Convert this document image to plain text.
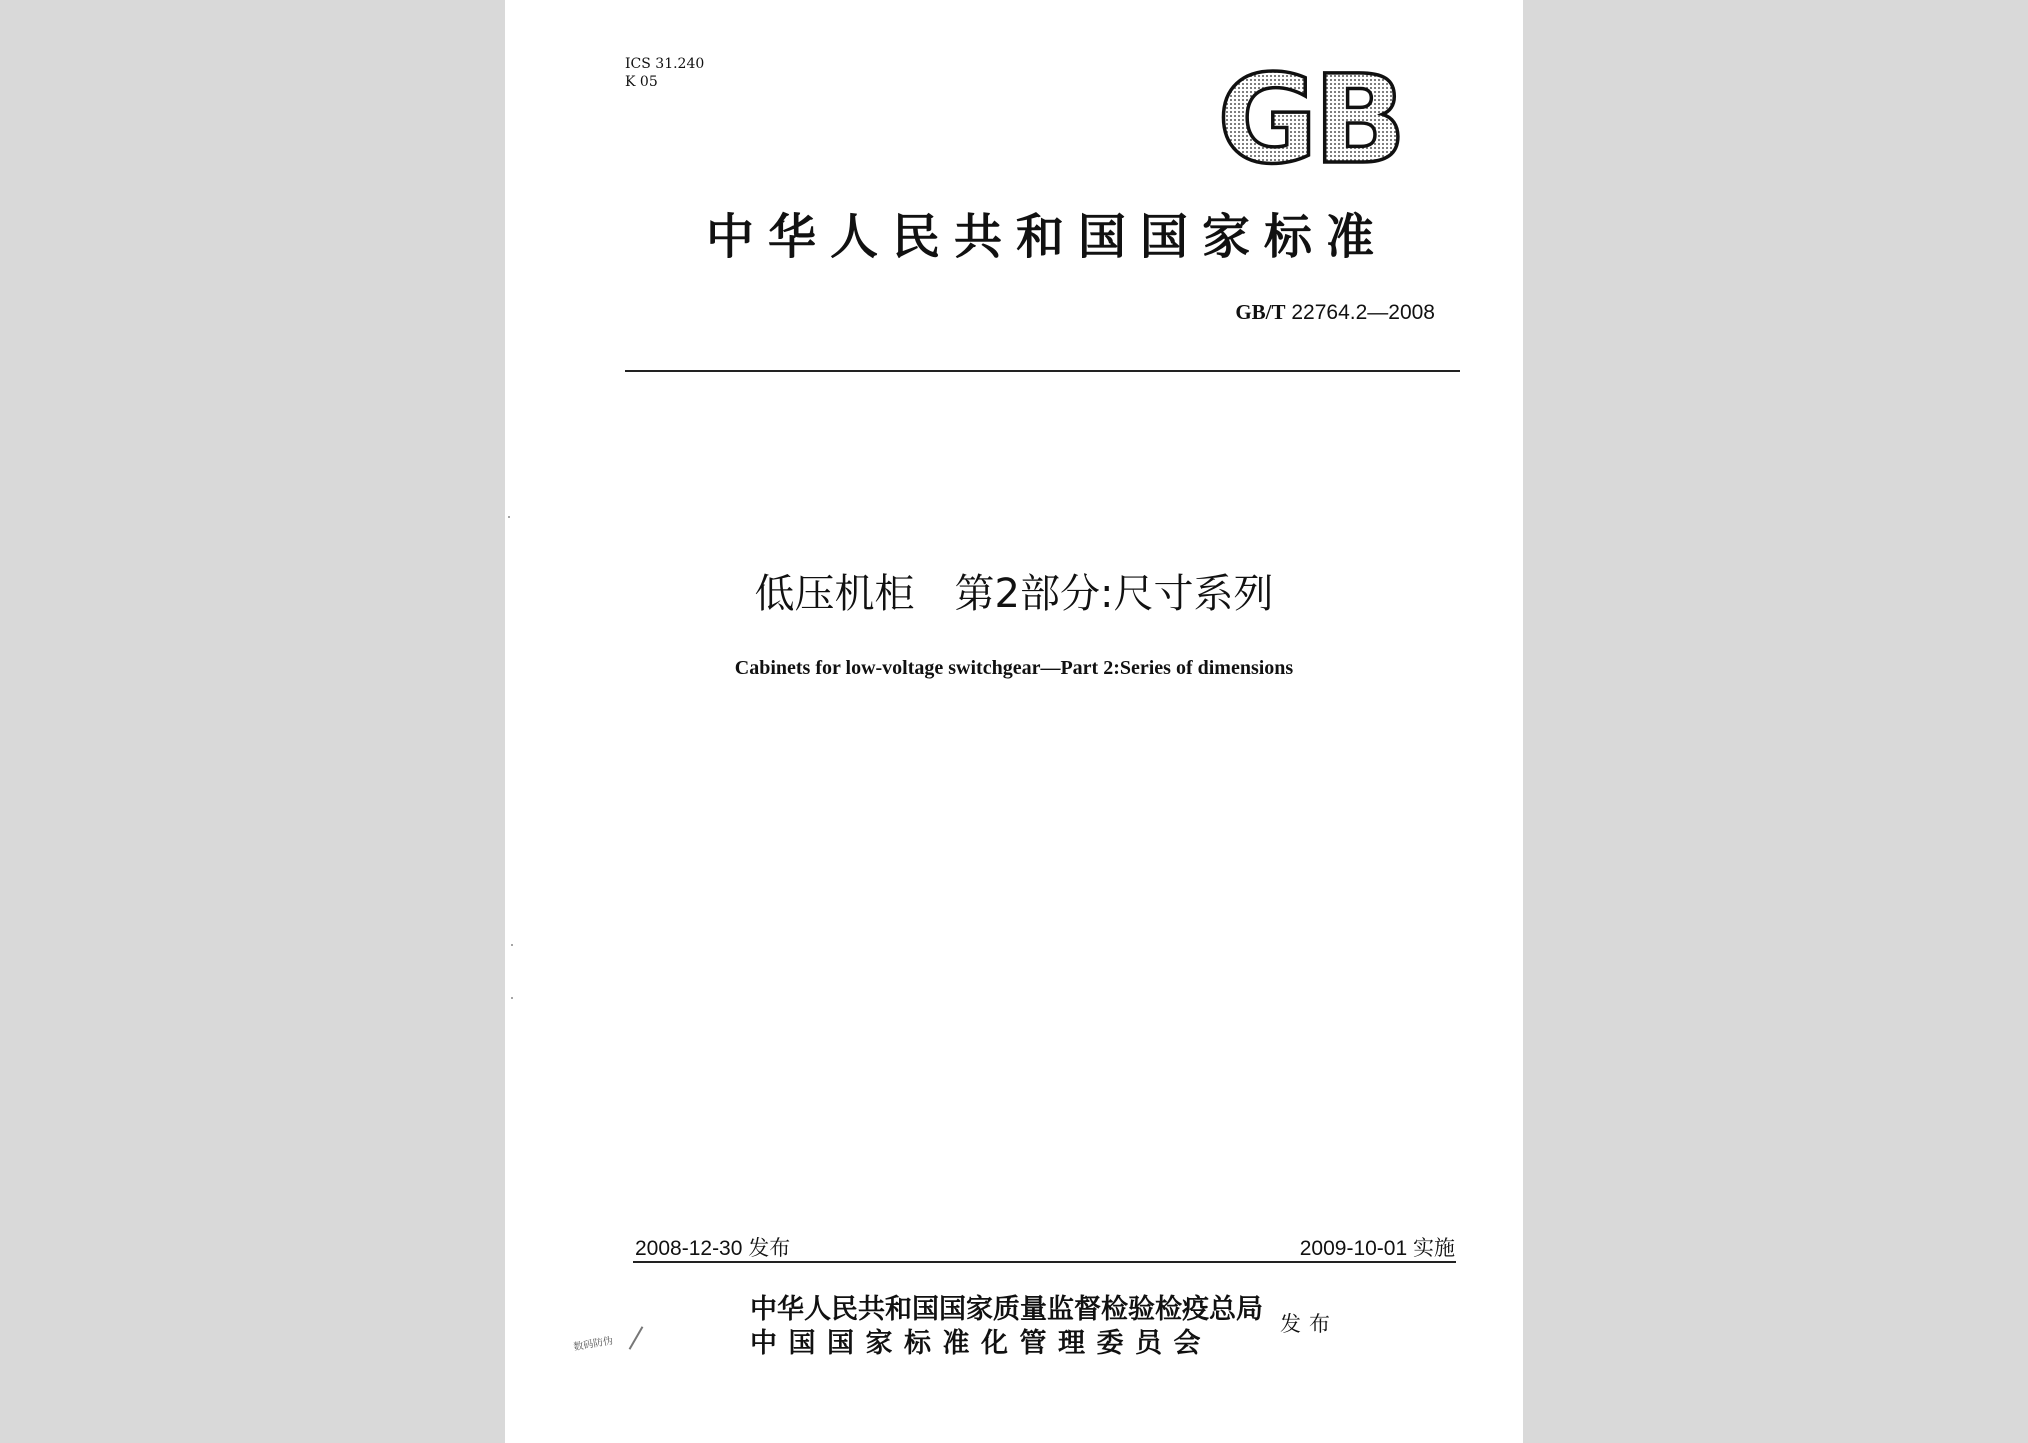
ICS 31.240
K 05	GB
中华人民共和国国家标准
GB/T 22764.2—2008
低压机柜　第2部分:尺寸系列
Cabinets for low-voltage switchgear—Part 2:Series of dimensions
2008-12-30 发布	2009-10-01 实施
中华人民共和国国家质量监督检验检疫总局
中国国家标准化管理委员会
发布
数码防伪
